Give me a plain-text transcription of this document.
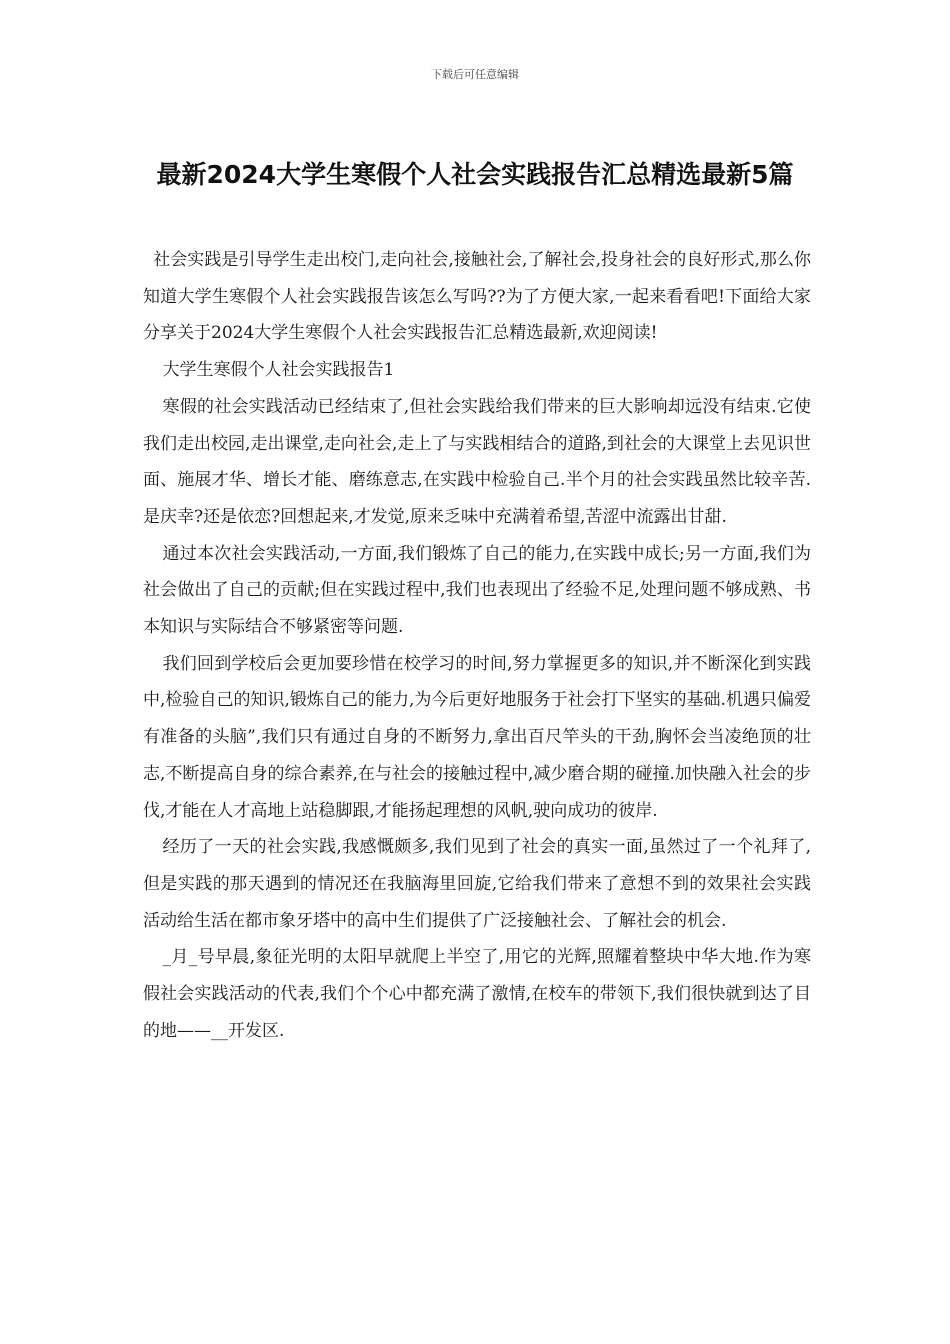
下载后可任意编辑
最新2024大学生寒假个人社会实践报告汇总精选最新5篇

社会实践是引导学生走出校门,走向社会,接触社会,了解社会,投身社会的良好形式,那么你知道大学生寒假个人社会实践报告该怎么写吗??为了方便大家,一起来看看吧!下面给大家分享关于2024大学生寒假个人社会实践报告汇总精选最新,欢迎阅读!

大学生寒假个人社会实践报告1

寒假的社会实践活动已经结束了,但社会实践给我们带来的巨大影响却远没有结束.它使我们走出校园,走出课堂,走向社会,走上了与实践相结合的道路,到社会的大课堂上去见识世面、施展才华、增长才能、磨练意志,在实践中检验自己.半个月的社会实践虽然比较辛苦.是庆幸?还是依恋?回想起来,才发觉,原来乏味中充满着希望,苦涩中流露出甘甜.

通过本次社会实践活动,一方面,我们锻炼了自己的能力,在实践中成长;另一方面,我们为社会做出了自己的贡献;但在实践过程中,我们也表现出了经验不足,处理问题不够成熟、书本知识与实际结合不够紧密等问题.

我们回到学校后会更加要珍惜在校学习的时间,努力掌握更多的知识,并不断深化到实践中,检验自己的知识,锻炼自己的能力,为今后更好地服务于社会打下坚实的基础.机遇只偏爱有准备的头脑”,我们只有通过自身的不断努力,拿出百尺竿头的干劲,胸怀会当凌绝顶的壮志,不断提高自身的综合素养,在与社会的接触过程中,减少磨合期的碰撞.加快融入社会的步伐,才能在人才高地上站稳脚跟,才能扬起理想的风帆,驶向成功的彼岸.

经历了一天的社会实践,我感慨颇多,我们见到了社会的真实一面,虽然过了一个礼拜了,但是实践的那天遇到的情况还在我脑海里回旋,它给我们带来了意想不到的效果社会实践活动给生活在都市象牙塔中的高中生们提供了广泛接触社会、了解社会的机会.

_月_号早晨,象征光明的太阳早就爬上半空了,用它的光辉,照耀着整块中华大地.作为寒假社会实践活动的代表,我们个个心中都充满了激情,在校车的带领下,我们很快就到达了目的地——__开发区.
